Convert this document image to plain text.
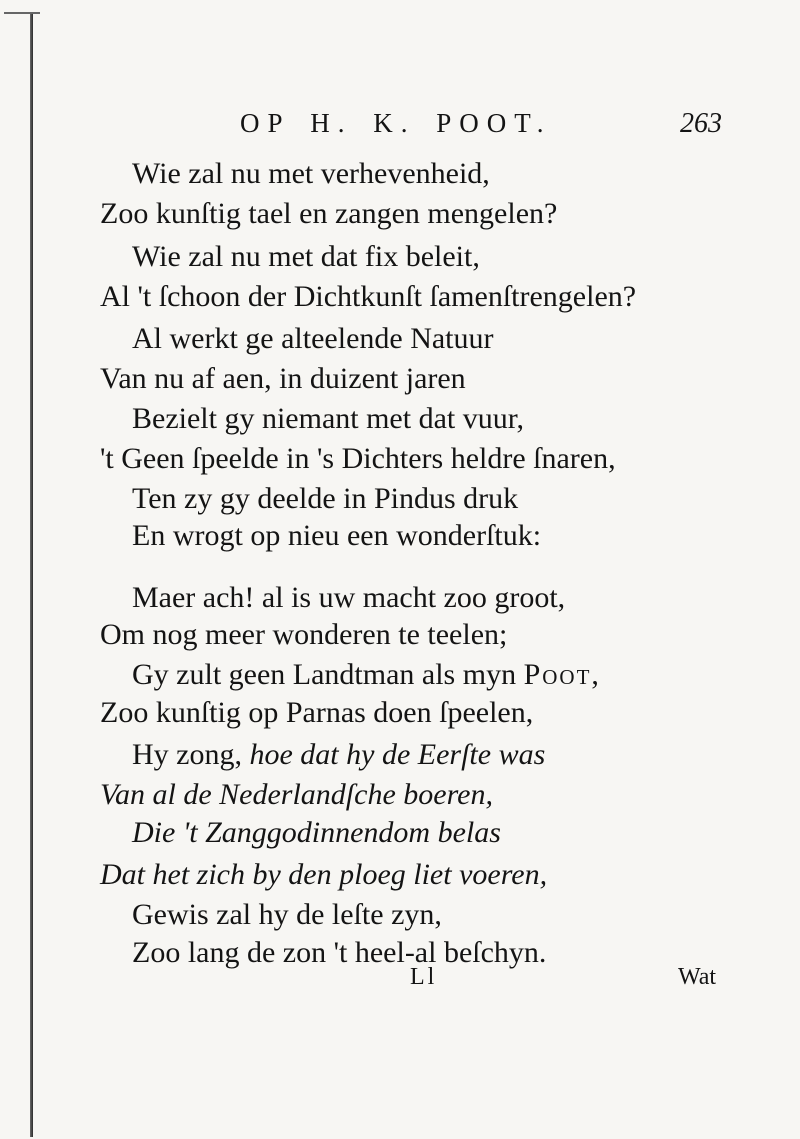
OP H. K. POOT.	263
Wie zal nu met verhevenheid,
Zoo kunſtig tael en zangen mengelen?
Wie zal nu met dat fix beleit,
Al 't ſchoon der Dichtkunſt ſamenſtrengelen?
Al werkt ge alteelende Natuur
Van nu af aen, in duizent jaren
Bezielt gy niemant met dat vuur,
't Geen ſpeelde in 's Dichters heldre ſnaren,
Ten zy gy deelde in Pindus druk
En wrogt op nieu een wonderſtuk:
Maer ach! al is uw macht zoo groot,
Om nog meer wonderen te teelen;
Gy zult geen Landtman als myn Poot,
Zoo kunſtig op Parnas doen ſpeelen,
Hy zong, hoe dat hy de Eerſte was
Van al de Nederlandſche boeren,
Die 't Zanggodinnendom belas
Dat het zich by den ploeg liet voeren,
Gewis zal hy de leſte zyn,
Zoo lang de zon 't heel-al beſchyn.
Ll	Wat
